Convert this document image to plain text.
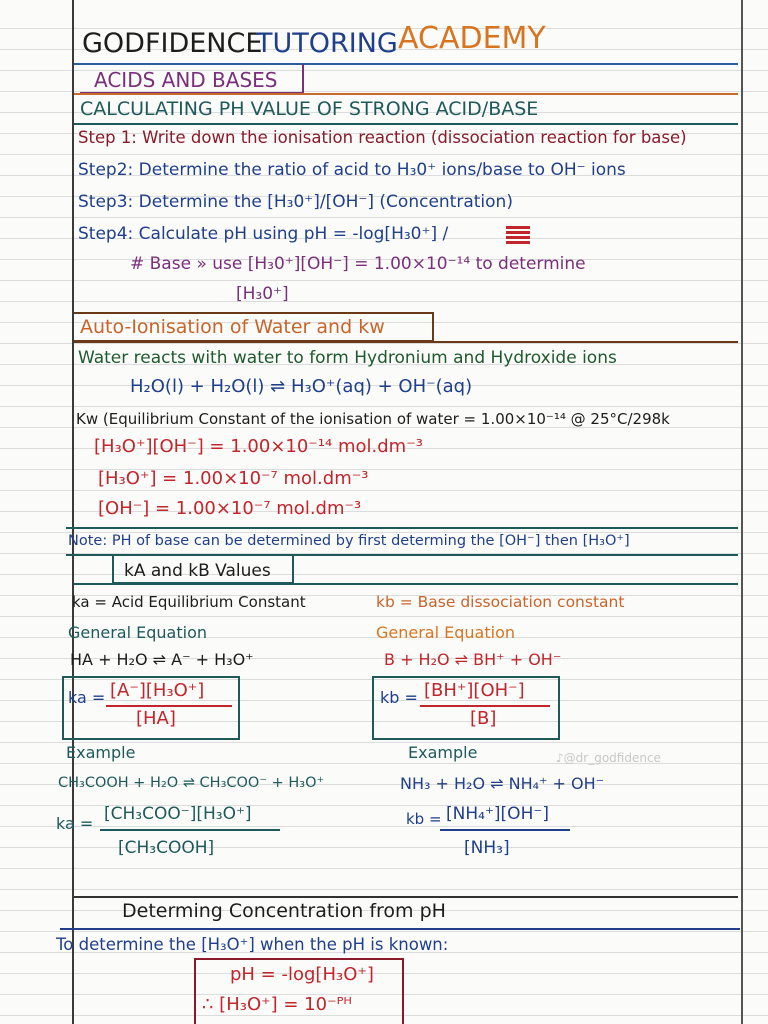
GODFIDENCE
TUTORING ACADEMY
ACIDS AND BASES
CALCULATING PH VALUE OF STRONG ACID/BASE
Step 1: Write down the ionisation reaction (dissociation reaction for base)
Step2: Determine the ratio of acid to H₃0⁺ ions/base to OH⁻ ions
Step3: Determine the [H₃0⁺]/[OH⁻] (Concentration)
Step4: Calculate pH using pH = -log[H₃0⁺] /
# Base » use [H₃0⁺][OH⁻] = 1.00×10⁻¹⁴ to determine
[H₃0⁺]
Auto-Ionisation of Water and kw
Water reacts with water to form Hydronium and Hydroxide ions
H₂O(l) + H₂O(l) ⇌ H₃O⁺(aq) + OH⁻(aq)
Kw (Equilibrium Constant of the ionisation of water = 1.00×10⁻¹⁴ @ 25°C/298k
[H₃O⁺][OH⁻] = 1.00×10⁻¹⁴ mol.dm⁻³
[H₃O⁺] = 1.00×10⁻⁷ mol.dm⁻³
[OH⁻] = 1.00×10⁻⁷ mol.dm⁻³
Note: PH of base can be determined by first determing the [OH⁻] then [H₃O⁺]
kA and kB Values
ka = Acid Equilibrium Constant
General Equation
HA + H₂O ⇌ A⁻ + H₃O⁺
ka = [A⁻][H₃O⁺]
[HA]
kb = Base dissociation constant
General Equation
B + H₂O ⇌ BH⁺ + OH⁻
kb = [BH⁺][OH⁻]
[B]
Example	Example	♪@dr_godfidence
CH₃COOH + H₂O ⇌ CH₃COO⁻ + H₃O⁺	NH₃ + H₂O ⇌ NH₄⁺ + OH⁻
ka = [CH₃COO⁻][H₃O⁺]
[CH₃COOH]
kb = [NH₄⁺][OH⁻]
[NH₃]
Determing Concentration from pH
To determine the [H₃O⁺] when the pH is known:
pH = -log[H₃O⁺]
∴ [H₃O⁺] = 10⁻ᴾᴴ
